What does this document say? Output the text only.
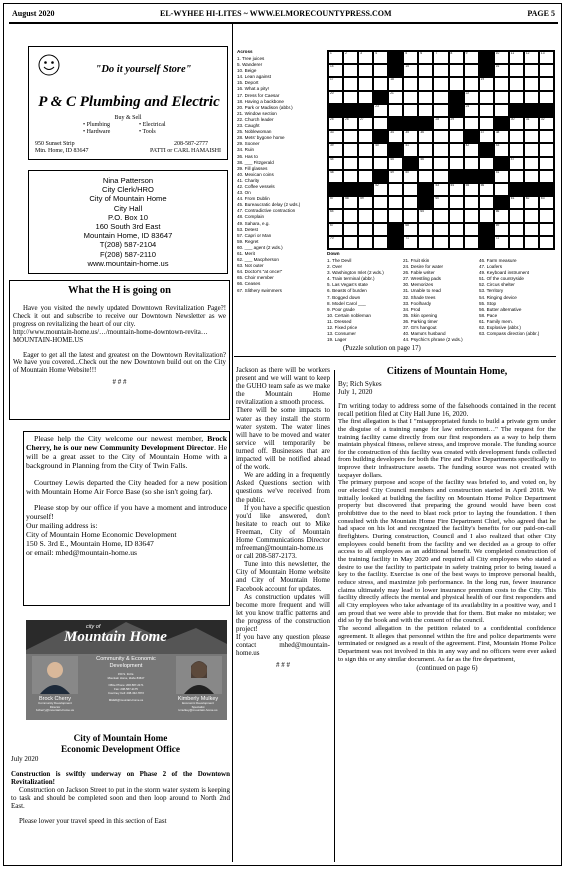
August 2020	EL-WYHEE HI-LITES ~ WWW.ELMORECOUNTYPRESS.COM	PAGE 5
"Do it yourself Store"
P & C Plumbing and Electric
Buy & Sell
• Plumbing	• Electrical
• Hardware	• Tools
950 Sunset Strip
Mtn. Home, ID 83647
208-587-2777
PATTI or CARL HAMAISHI
Nina Patterson
City Clerk/HRO
City of Mountain Home
City Hall
P.O. Box 10
160 South 3rd East
Mountain Home, ID 83647
T(208) 587-2104
F(208) 587-2110
www.mountain-home.us
What the H is going on

Have you visited the newly updated Downtown Revitalization Page?! Check it out and subscribe to receive our Downtown Newsletter as we progress on revitalizing the heart of our city.

http://www.mountain-home.us/…/mountain-home-downtown-revita…

MOUNTAIN-HOME.US

Eager to get all the latest and greatest on the Downtown Revitalization? We have you covered...Check out the new Downtown build out on the City of Mountain Home Website!!!

# # #

Please help the City welcome our newest member, Brock Cherry, he is our new Community Development Director. He will be a great asset to the City of Mountain Home with a background in Planning from the City of Twin Falls.

Courtney Lewis departed the City headed for a new position with Mountain Home Air Force Base (so she isn't going far).

Please stop by our office if you have a moment and introduce yourself!

Our mailing address is:

City of Mountain Home Economic Development

150 S. 3rd E., Mountain Home, ID 83647

or email: mhed@mountain-home.us

city of
Mountain Home
Community & Economic
Development
150 S. 3rd E.
Mountain Home, Idaho 83647
Office Phone: 208-587-2171
Fax: 208-587-2175
Courtney Cell: 208-432-7872
MHED@mountain-home.us
Brock Cherry
Community Development
Director
bcherry@mountain-home.us
Kimberly Mulkey
Economic Development
Specialist
kmulkey@mountain-home.us
City of Mountain Home
Economic Development Office
July 2020

Construction is swiftly underway on Phase 2 of the Downtown Revitalization!

Construction on Jackson Street to put in the storm water system is keeping to task and should be completed soon and then loop around to North 2nd East.

Please lower your travel speed in this section of East

Jackson as there will be workers present and we will want to keep the GUHO team safe as we make the Mountain Home revitalization a smooth process.

There will be some impacts to water as they install the storm water system. The water lines will have to be moved and water service will temporarily be turned off. Businesses that are impacted will be notified ahead of the work.

We are adding in a frequently Asked Questions section with questions we've received from the public.

If you have a specific question you'd like answered, don't hesitate to reach out to Mike Freeman, City of Mountain Home Communications Director mfreeman@mountain-home.us or call 208-587-2173.

Tune into this newsletter, the City of Mountain Home website and City of Mountain Home Facebook account for updates.

As construction updates will become more frequent and will let you know traffic patterns and the progress of the construction project!

If you have any question please contact mhed@mountain-home.us

# # #

Across
1. Tree juices
5. Wanderer
10. Beige
14. Lean against
15. Deport
16. What a pity!
17. Dress for Caesar
18. Having a backbone
20. Park or Madison (abbr.)
21. Window section
22. Church leader
23. Caught
25. Noblewoman
28. Mets' bygone home
29. Sooner
34. Ruin
36. Has to
38. ___ Fitzgerald
39. Fill glasses
40. Mexican coins
41. Charity
42. Coffee vessels
43. On
44. From Dublin
45. Bureaucratic delay (2 wds.)
47. Contradictive contraction
48. Complain
49. Sahara, e.g.
53. Detest
57. Capri or Man
59. Regret
60. ___ agent (2 wds.)
61. Merit
62. ___ Macpherson
63. Not outer
64. Doctor's "at once!"
65. Choir member
66. Ceases
67. Slithery swimmers
1	2	3	4	5	6	7	8	9	10	11	12	13
14	15	16
17	18	19
20	21	22
23	24
25	26	27	28	29	30	31	32
33	34	35	36	37	38
39	40	41	42	43
44	45	46	47
48	49	50	51
52	53	54	55	56
57	58	59	60	61	62	63
64	65	66
67	68	69
70	71	72
Down
1. The Devil
2. Over
3. Washington Inlet (2 wds.)
4. Train terminal (abbr.)
5. Las Vegas's state
6. Beasts of burden
7. Bogged down
8. Model Carol ___
9. Poor grade
10. Certain nobleman
11. Dressed
12. Fixed price
13. Consumer
19. Lager
21. Fruit skin
24. Desire for water
26. Fable writer
27. Wrestling pads
30. Memorizes
31. Unable to read
32. Shade trees
33. Foolhardy
34. Prod
35. Skin opening
36. Parking timer
37. GI's hangout
40. Mama's husband
44. Psychic's phrase (2 wds.)
46. Farm measure
47. Loafers
49. Keyboard instrument
51. Of the countryside
52. Circus shelter
53. Territory
54. Ringing device
55. Stop
56. Butter alternative
58. Pace
61. Family mem.
62. Explosive (abbr.)
63. Compass direction (abbr.)
(Puzzle solution on page 17)
Citizens of Mountain Home,
By; Rich Sykes
July 1, 2020

I'm writing today to address some of the falsehoods contained in the recent recall petition filed at City Hall June 16, 2020.

The first allegation is that I "misappropriated funds to build a private gym under the disguise of a training range for law enforcement…" The request for the training facility came directly from our first responders as a way to help them maintain physical fitness, relieve stress, and improve morale. The funding source for the construction of this facility was created with development funds collected from building developers for both the Fire and Police Departments specifically to improve their infrastructure assets. The funding source was not created with taxpayer dollars.

The primary purpose and scope of the facility was briefed to, and voted on, by our elected City Council members and construction started in April 2018. We initially looked at building the facility on Mountain Home Police Department property but discovered that preparing the ground would have been cost prohibitive due to the need to blast rock prior to laying the foundation. I then consulted with the Mountain Home Fire Department Chief, who agreed that he had space on his lot and recognized the facility's benefits for our paid-on-call firefighters. During construction, Council and I also realized that other City employees could benefit from the facility and we decided as a group to offer access to all employees as an additional benefit. We completed construction of the training facility in May 2020 and required all City employees who stated a desire to use the facility to participate in safety training prior to being issued a key to the facility. Exercise is one of the best ways to improve personal health, reduce stress, and maximize job performance. In the long run, fewer insurance claims ultimately may lead to lower insurance premium costs to the City. This facility directly affects the mental and physical health of our first responders and all City employees who take advantage of its availability in a positive way, and I am proud that we were able to provide that for them. But make no mistake; we did so by the book and with the consent of the council.

The second allegation in the petition related to a confidential confidence agreement. It alleges that personnel within the fire and police departments were terminated or resigned as a result of the agreement. First, Mountain Home Police Department was not involved in this in any way and no officers were ever asked to sign this or any similar document. As far as the fire department,

(continued on page 6)
